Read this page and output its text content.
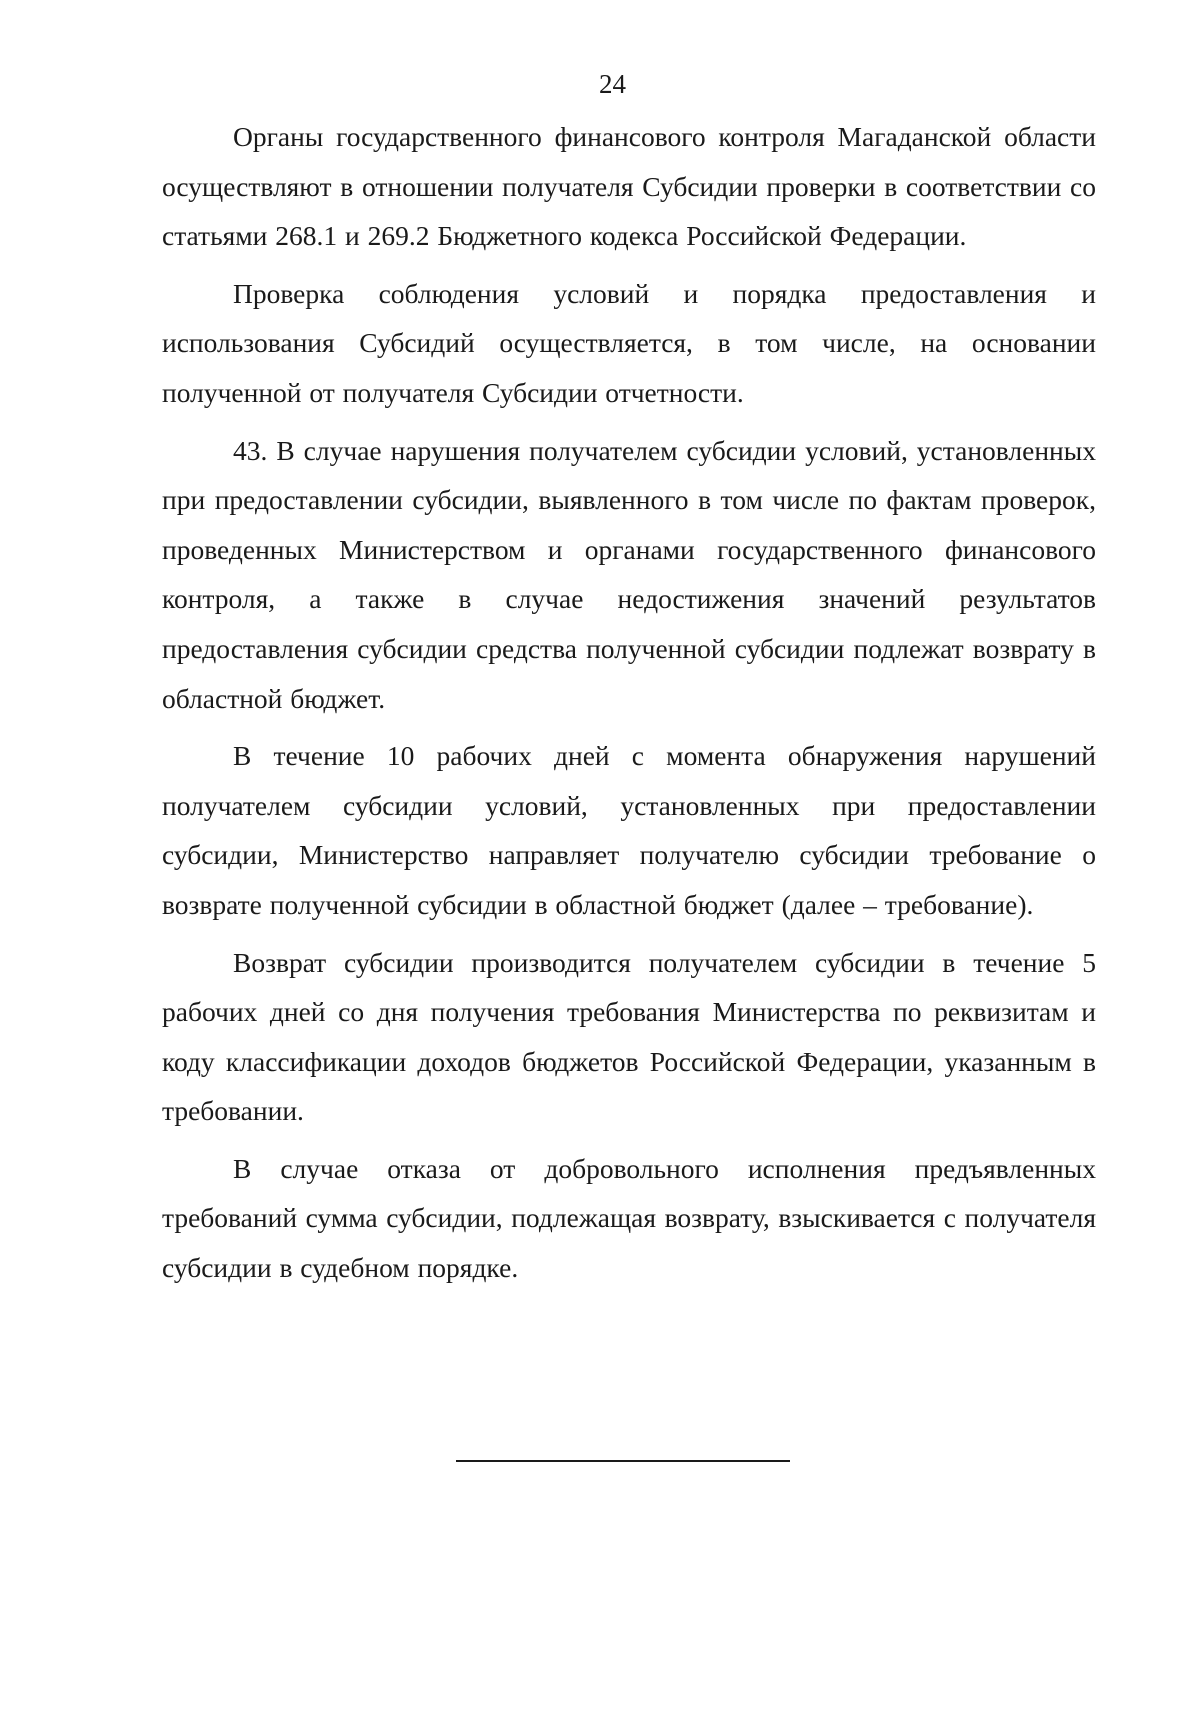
24

Органы государственного финансового контроля Магаданской области осуществляют в отношении получателя Субсидии проверки в соответствии со статьями 268.1 и 269.2 Бюджетного кодекса Российской Федерации.

Проверка соблюдения условий и порядка предоставления и использования Субсидий осуществляется, в том числе, на основании полученной от получателя Субсидии отчетности.

43. В случае нарушения получателем субсидии условий, установленных при предоставлении субсидии, выявленного в том числе по фактам проверок, проведенных Министерством и органами государственного финансового контроля, а также в случае недостижения значений результатов предоставления субсидии средства полученной субсидии подлежат возврату в областной бюджет.

В течение 10 рабочих дней с момента обнаружения нарушений получателем субсидии условий, установленных при предоставлении субсидии, Министерство направляет получателю субсидии требование о возврате полученной субсидии в областной бюджет (далее – требование).

Возврат субсидии производится получателем субсидии в течение 5 рабочих дней со дня получения требования Министерства по реквизитам и коду классификации доходов бюджетов Российской Федерации, указанным в требовании.

В случае отказа от добровольного исполнения предъявленных требований сумма субсидии, подлежащая возврату, взыскивается с получателя субсидии в судебном порядке.
